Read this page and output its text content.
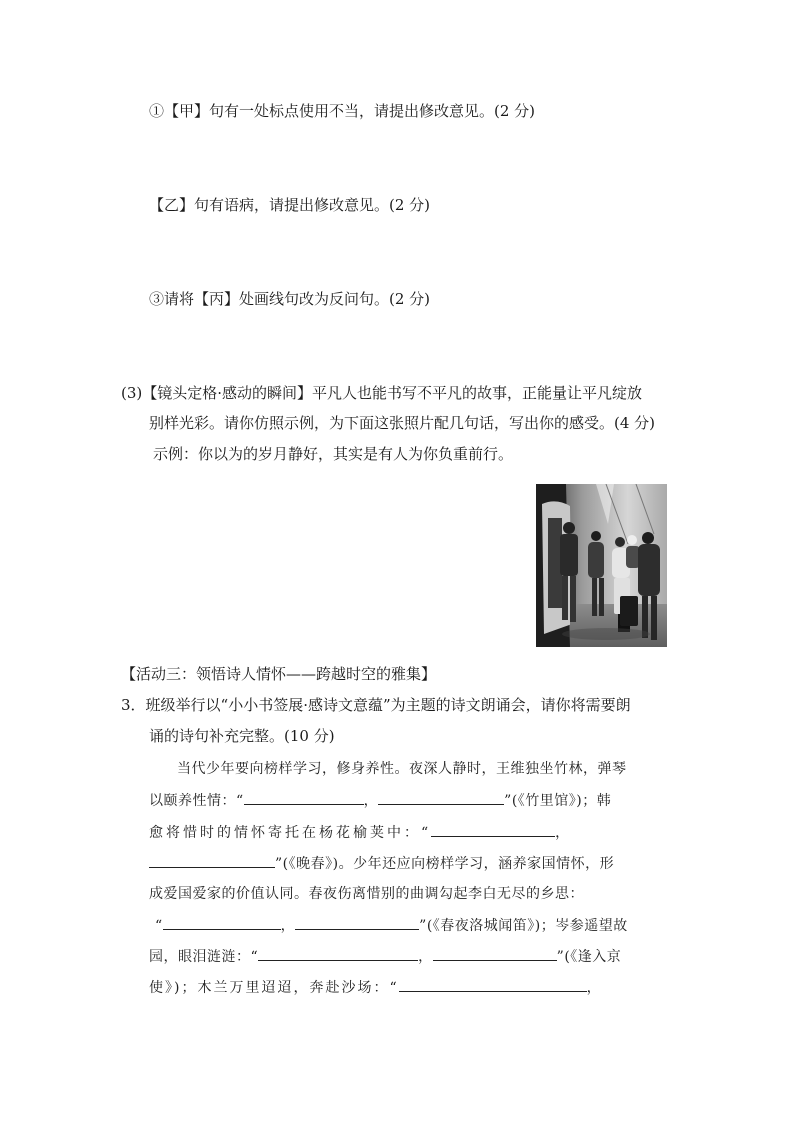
①【甲】句有一处标点使用不当，请提出修改意见。(2 分)
【乙】句有语病，请提出修改意见。(2 分)
③请将【丙】处画线句改为反问句。(2 分)
(3)【镜头定格·感动的瞬间】平凡人也能书写不平凡的故事，正能量让平凡绽放
别样光彩。请你仿照示例，为下面这张照片配几句话，写出你的感受。(4 分)
示例：你以为的岁月静好，其实是有人为你负重前行。
【活动三：领悟诗人情怀——跨越时空的雅集】
3．班级举行以“小小书签展·感诗文意蕴”为主题的诗文朗诵会，请你将需要朗
诵的诗句补充完整。(10 分)
当代少年要向榜样学习，修身养性。夜深人静时，王维独坐竹林，弹琴
以颐养性情：“	，	”(《竹里馆》)；韩
愈将惜时的情怀寄托在杨花榆荚中：“	，
”(《晚春》)。少年还应向榜样学习，涵养家国情怀，形
成爱国爱家的价值认同。春夜伤离惜别的曲调勾起李白无尽的乡思：
“	，	”(《春夜洛城闻笛》)；岑参遥望故
园，眼泪涟涟：“	，	”(《逢入京
使》)；木兰万里迢迢，奔赴沙场：“	，
